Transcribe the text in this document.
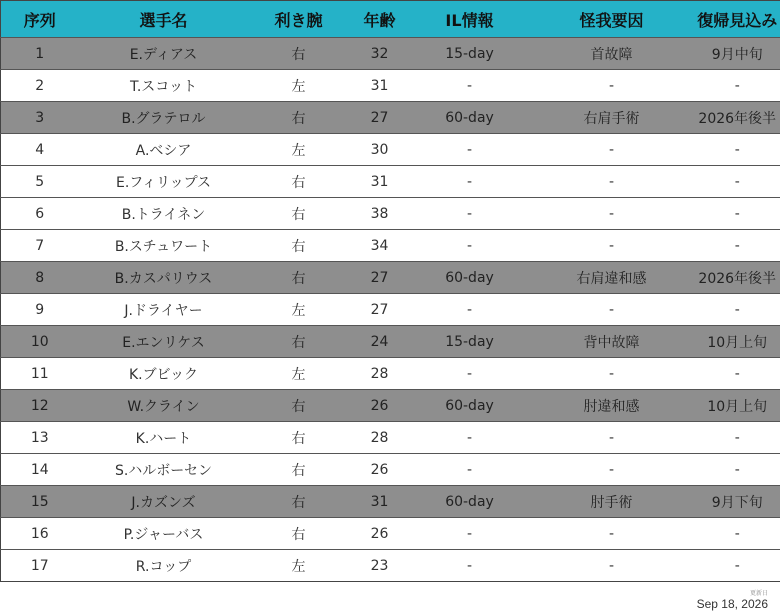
序列	選手名	利き腕	年齢	IL情報	怪我要因	復帰見込み
1	E.ディアス	右	32	15-day	首故障	9月中旬
2	T.スコット	左	31	-	-	-
3	B.グラテロル	右	27	60-day	右肩手術	2026年後半
4	A.ベシア	左	30	-	-	-
5	E.フィリップス	右	31	-	-	-
6	B.トライネン	右	38	-	-	-
7	B.スチュワート	右	34	-	-	-
8	B.カスパリウス	右	27	60-day	右肩違和感	2026年後半
9	J.ドライヤー	左	27	-	-	-
10	E.エンリケス	右	24	15-day	背中故障	10月上旬
11	K.ブビック	左	28	-	-	-
12	W.クライン	右	26	60-day	肘違和感	10月上旬
13	K.ハート	右	28	-	-	-
14	S.ハルボーセン	右	26	-	-	-
15	J.カズンズ	右	31	60-day	肘手術	9月下旬
16	P.ジャーバス	右	26	-	-	-
17	R.コップ	左	23	-	-	-
更新日
Sep 18, 2026
